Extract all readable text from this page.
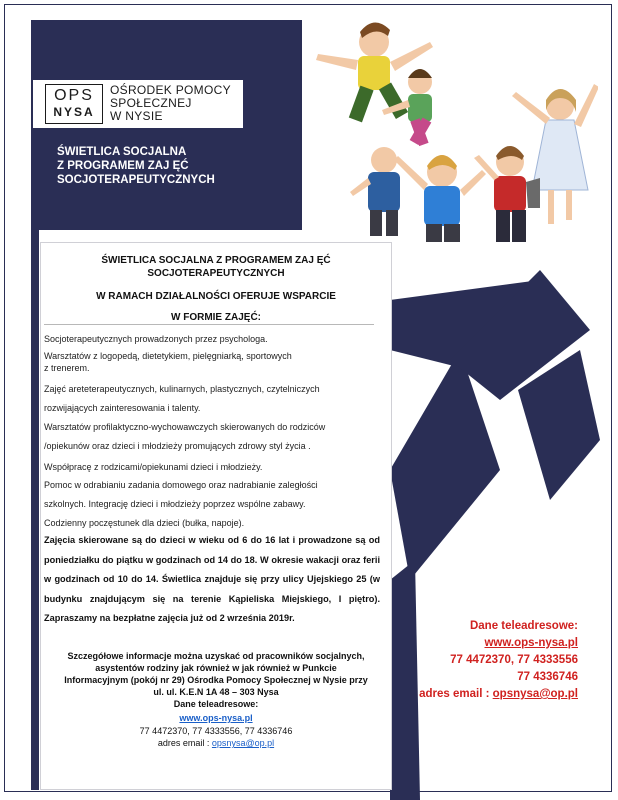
OPS
NYSA
OŚRODEK POMOCY
SPOŁECZNEJ
W NYSIE
ŚWIETLICA SOCJALNA
Z PROGRAMEM ZAJ ĘĆ
SOCJOTERAPEUTYCZNYCH
ŚWIETLICA SOCJALNA Z PROGRAMEM ZAJ ĘĆ
SOCJOTERAPEUTYCZNYCH
W RAMACH DZIAŁALNOŚCI OFERUJE WSPARCIE
W FORMIE ZAJĘĆ:
Socjoterapeutycznych prowadzonych przez psychologa.
Warsztatów z logopedą, dietetykiem, pielęgniarką, sportowych
z trenerem.
Zajęć areteterapeutycznych, kulinarnych, plastycznych, czytelniczych
rozwijających zainteresowania i talenty.
Warsztatów profilaktyczno-wychowawczych skierowanych do rodziców
/opiekunów oraz dzieci i młodzieży promujących zdrowy styl życia .
Współpracę z rodzicami/opiekunami dzieci i młodzieży.
Pomoc w odrabianiu zadania domowego oraz nadrabianie zaległości
szkolnych. Integrację dzieci i młodzieży poprzez wspólne zabawy.
Codzienny poczęstunek dla dzieci (bułka, napoje).
Zajęcia skierowane są do dzieci w wieku od 6 do 16 lat i prowadzone są od poniedziałku do piątku w godzinach od 14 do 18. W okresie wakacji oraz ferii w godzinach od 10 do 14. Świetlica znajduje się przy ulicy Ujejskiego 25 (w budynku znajdującym się na terenie Kąpieliska Miejskiego, I piętro). Zapraszamy na bezpłatne zajęcia już od 2 września 2019r.
Szczegółowe informacje można uzyskać od pracowników socjalnych,
asystentów rodziny jak również w jak również w Punkcie
Informacyjnym (pokój nr 29) Ośrodka Pomocy Społecznej w Nysie przy
ul. ul. K.E.N 1A 48 – 303 Nysa
Dane teleadresowe:
www.ops-nysa.pl
77 4472370, 77 4333556, 77 4336746
adres email : opsnysa@op.pl
Dane teleadresowe:
www.ops-nysa.pl
77 4472370, 77 4333556
77 4336746
adres email : opsnysa@op.pl
